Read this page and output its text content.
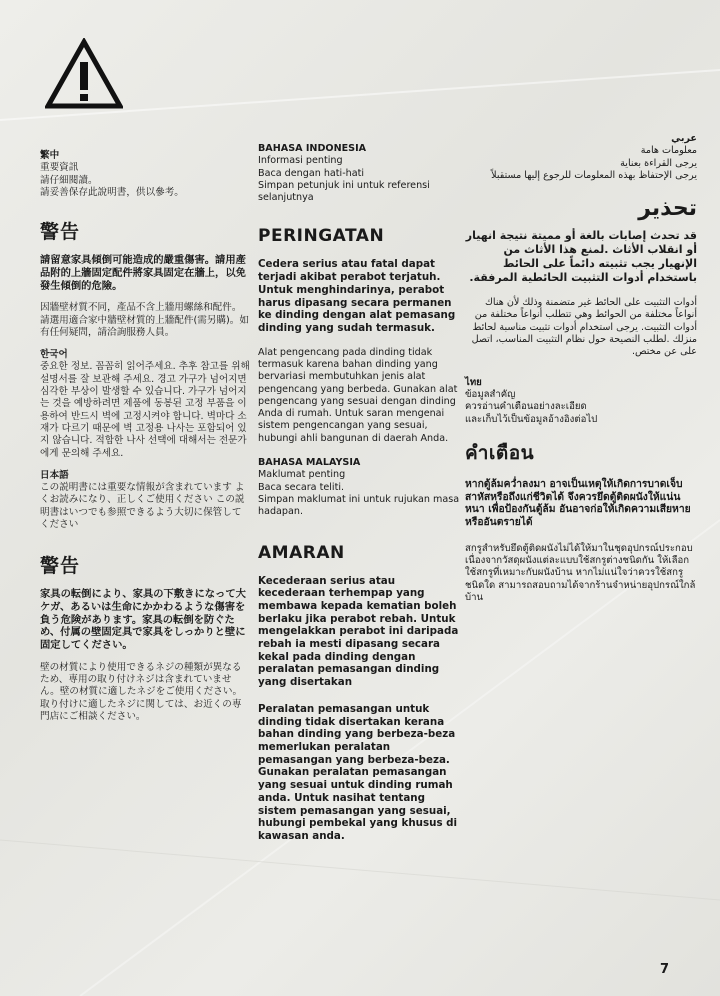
繁中

重要資訊

請仔細閱讀。

請妥善保存此說明書，供以參考。

警告

請留意家具傾倒可能造成的嚴重傷害。請用產品附的上牆固定配件將家具固定在牆上，以免發生傾倒的危險。

因牆壁材質不同，產品不含上牆用螺絲和配件。請選用適合家中牆壁材質的上牆配件(需另購)。如有任何疑問，請洽詢服務人員。

한국어

중요한 정보. 꼼꼼히 읽어주세요. 추후 참고를 위해 설명서를 잘 보관해 주세요. 경고 가구가 넘어지면 심각한 부상이 발생할 수 있습니다. 가구가 넘어지는 것을 예방하려면 제품에 동봉된 고정 부품을 이용하여 반드시 벽에 고정시켜야 합니다. 벽마다 소재가 다르기 때문에 벽 고정용 나사는 포함되어 있지 않습니다. 적합한 나사 선택에 대해서는 전문가에게 문의해 주세요.

日本語

この説明書には重要な情報が含まれています よくお読みになり、正しくご使用ください この説明書はいつでも参照できるよう大切に保管してください

警告

家具の転倒により、家具の下敷きになって大ケガ、あるいは生命にかかわるような傷害を負う危険があります。家具の転倒を防ぐため、付属の壁固定具で家具をしっかりと壁に固定してください。

壁の材質により使用できるネジの種類が異なるため、専用の取り付けネジは含まれていません。壁の材質に適したネジをご使用ください。取り付けに適したネジに関しては、お近くの専門店にご相談ください。

BAHASA INDONESIA

Informasi penting

Baca dengan hati-hati

Simpan petunjuk ini untuk referensi selanjutnya

PERINGATAN

Cedera serius atau fatal dapat terjadi akibat perabot terjatuh. Untuk menghindarinya, perabot harus dipasang secara permanen ke dinding dengan alat pemasang dinding yang sudah termasuk.

Alat pengencang pada dinding tidak termasuk karena bahan dinding yang bervariasi membutuhkan jenis alat pengencang yang berbeda. Gunakan alat pengencang yang sesuai dengan dinding Anda di rumah. Untuk saran mengenai sistem pengencangan yang sesuai, hubungi ahli bangunan di daerah Anda.

BAHASA MALAYSIA

Maklumat penting

Baca secara teliti.

Simpan maklumat ini untuk rujukan masa hadapan.

AMARAN

Kecederaan serius atau kecederaan terhempap yang membawa kepada kematian boleh berlaku jika perabot rebah. Untuk mengelakkan perabot ini daripada rebah ia mesti dipasang secara kekal pada dinding dengan peralatan pemasangan dinding yang disertakan

Peralatan pemasangan untuk dinding tidak disertakan kerana bahan dinding yang berbeza-beza memerlukan peralatan pemasangan yang berbeza-beza. Gunakan peralatan pemasangan yang sesuai untuk dinding rumah anda. Untuk nasihat tentang sistem pemasangan yang sesuai, hubungi pembekal yang khusus di kawasan anda.

عربي

معلومات هامة

يرجى القراءة بعناية

يرجى الإحتفاظ بهذه المعلومات للرجوع إليها مستقبلاً

تحذير

قد تحدث إصابات بالغة أو مميتة نتيجة انهيار أو انقلاب الأثاث .لمنع هذا الأثاث من الإنهيار يجب تثبيته دائماً على الحائط باستخدام أدوات التثبيت الحائطية المرفقة.

أدوات التثبيت على الحائط غير متضمنة وذلك لأن هناك أنواعاً مختلفة من الحوائط وهي تتطلب أنواعاً مختلفة من أدوات التثبيت. يرجى استخدام أدوات تثبيت مناسبة لحائط منزلك .لطلب النصيحة حول نظام التثبيت المناسب، اتصل على عن مختص.

ไทย

ข้อมูลสำคัญ

ควรอ่านคำเตือนอย่างละเอียด

และเก็บไว้เป็นข้อมูลอ้างอิงต่อไป

คำเตือน

หากตู้ล้มคว่ำลงมา อาจเป็นเหตุให้เกิดการบาดเจ็บสาหัสหรือถึงแก่ชีวิตได้ จึงควรยึดตู้ติดผนังให้แน่นหนา เพื่อป้องกันตู้ล้ม อันอาจก่อให้เกิดความเสียหายหรืออันตรายได้

สกรูสำหรับยึดตู้ติดผนังไม่ได้ให้มาในชุดอุปกรณ์ประกอบ เนื่องจากวัสดุผนังแต่ละแบบใช้สกรูต่างชนิดกัน ให้เลือกใช้สกรูที่เหมาะกับผนังบ้าน หากไม่แน่ใจว่าควรใช้สกรูชนิดใด สามารถสอบถามได้จากร้านจำหน่ายอุปกรณ์ใกล้บ้าน

7
